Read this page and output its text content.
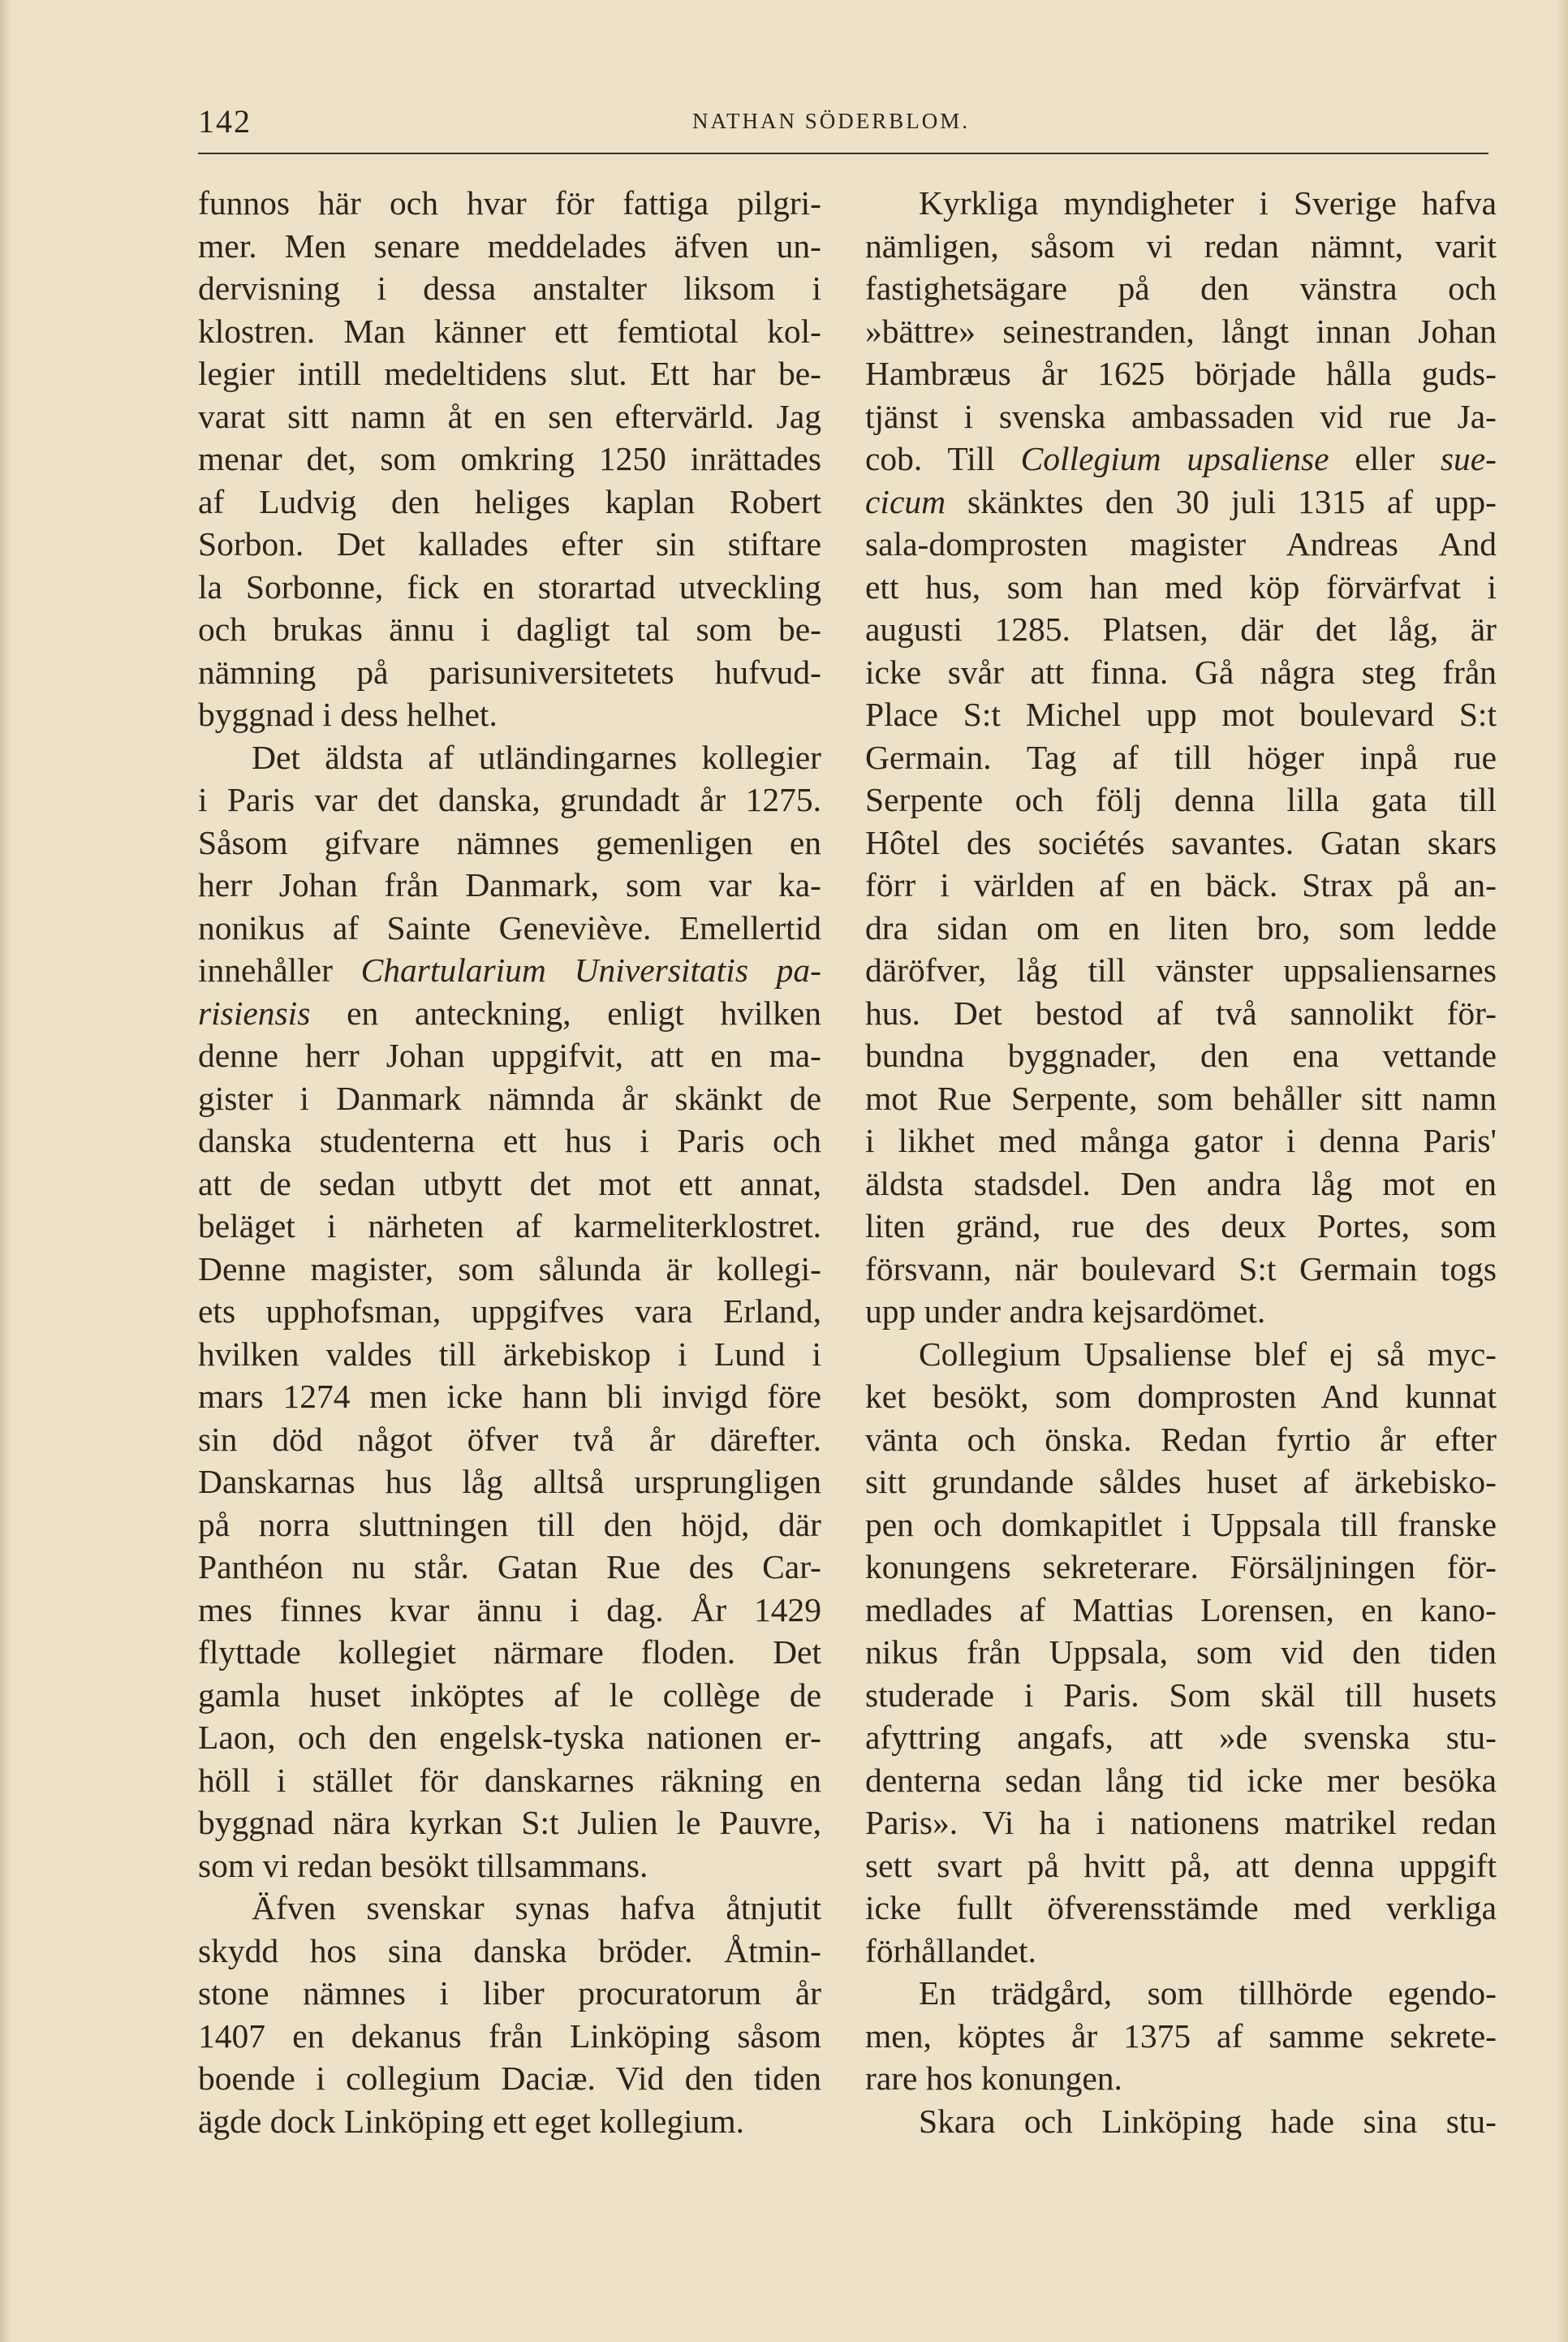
142	NATHAN SÖDERBLOM.
funnos här och hvar för fattiga pilgri-
mer. Men senare meddelades äfven un-
dervisning i dessa anstalter liksom i
klostren. Man känner ett femtiotal kol-
legier intill medeltidens slut. Ett har be-
varat sitt namn åt en sen eftervärld. Jag
menar det, som omkring 1250 inrättades
af Ludvig den heliges kaplan Robert
Sorbon. Det kallades efter sin stiftare
la Sorbonne, fick en storartad utveckling
och brukas ännu i dagligt tal som be-
nämning på parisuniversitetets hufvud-
byggnad i dess helhet.
Det äldsta af utländingarnes kollegier
i Paris var det danska, grundadt år 1275.
Såsom gifvare nämnes gemenligen en
herr Johan från Danmark, som var ka-
nonikus af Sainte Geneviève. Emellertid
innehåller Chartularium Universitatis pa-
risiensis en anteckning, enligt hvilken
denne herr Johan uppgifvit, att en ma-
gister i Danmark nämnda år skänkt de
danska studenterna ett hus i Paris och
att de sedan utbytt det mot ett annat,
beläget i närheten af karmeliterklostret.
Denne magister, som sålunda är kollegi-
ets upphofsman, uppgifves vara Erland,
hvilken valdes till ärkebiskop i Lund i
mars 1274 men icke hann bli invigd före
sin död något öfver två år därefter.
Danskarnas hus låg alltså ursprungligen
på norra sluttningen till den höjd, där
Panthéon nu står. Gatan Rue des Car-
mes finnes kvar ännu i dag. År 1429
flyttade kollegiet närmare floden. Det
gamla huset inköptes af le collège de
Laon, och den engelsk-tyska nationen er-
höll i stället för danskarnes räkning en
byggnad nära kyrkan S:t Julien le Pauvre,
som vi redan besökt tillsammans.
Äfven svenskar synas hafva åtnjutit
skydd hos sina danska bröder. Åtmin-
stone nämnes i liber procuratorum år
1407 en dekanus från Linköping såsom
boende i collegium Daciæ. Vid den tiden
ägde dock Linköping ett eget kollegium.
Kyrkliga myndigheter i Sverige hafva
nämligen, såsom vi redan nämnt, varit
fastighetsägare på den vänstra och
»bättre» seinestranden, långt innan Johan
Hambræus år 1625 började hålla guds-
tjänst i svenska ambassaden vid rue Ja-
cob. Till Collegium upsaliense eller sue-
cicum skänktes den 30 juli 1315 af upp-
sala-domprosten magister Andreas And
ett hus, som han med köp förvärfvat i
augusti 1285. Platsen, där det låg, är
icke svår att finna. Gå några steg från
Place S:t Michel upp mot boulevard S:t
Germain. Tag af till höger inpå rue
Serpente och följ denna lilla gata till
Hôtel des sociétés savantes. Gatan skars
förr i världen af en bäck. Strax på an-
dra sidan om en liten bro, som ledde
däröfver, låg till vänster uppsaliensarnes
hus. Det bestod af två sannolikt för-
bundna byggnader, den ena vettande
mot Rue Serpente, som behåller sitt namn
i likhet med många gator i denna Paris'
äldsta stadsdel. Den andra låg mot en
liten gränd, rue des deux Portes, som
försvann, när boulevard S:t Germain togs
upp under andra kejsardömet.
Collegium Upsaliense blef ej så myc-
ket besökt, som domprosten And kunnat
vänta och önska. Redan fyrtio år efter
sitt grundande såldes huset af ärkebisko-
pen och domkapitlet i Uppsala till franske
konungens sekreterare. Försäljningen för-
medlades af Mattias Lorensen, en kano-
nikus från Uppsala, som vid den tiden
studerade i Paris. Som skäl till husets
afyttring angafs, att »de svenska stu-
denterna sedan lång tid icke mer besöka
Paris». Vi ha i nationens matrikel redan
sett svart på hvitt på, att denna uppgift
icke fullt öfverensstämde med verkliga
förhållandet.
En trädgård, som tillhörde egendo-
men, köptes år 1375 af samme sekrete-
rare hos konungen.
Skara och Linköping hade sina stu-
